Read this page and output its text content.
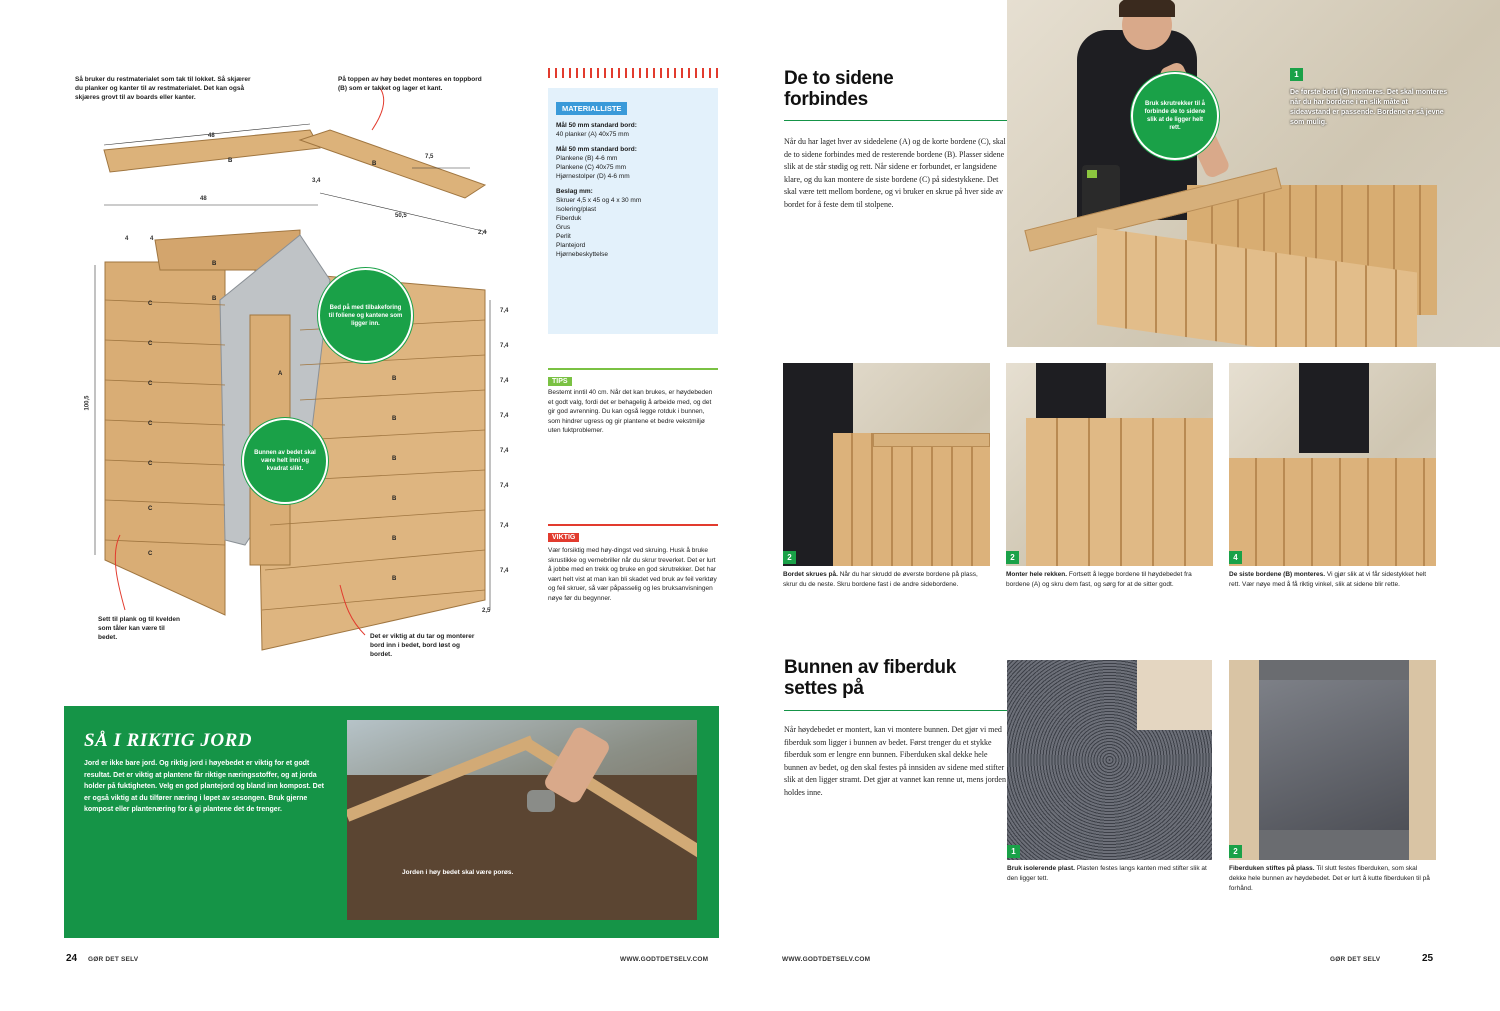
B	B
B
B
C
C
C
C
C
C
C
A
B
B
B
B
B
B
Så bruker du restmaterialet som tak til lokket. Så skjærer du planker og kanter til av restmaterialet. Det kan også skjæres grovt til av boards eller kanter.
På toppen av høy bedet monteres en toppbord (B) som er takket og lager et kant.
Sett til plank og til kvelden som tåler kan være til bedet.	Det er viktig at du tar og monterer bord inn i bedet, bord løst og bordet.
48
7,5
48
50,5
3,4
2,4
100,5
4	4
2,5
7,4
7,4
7,4
7,4
7,4
7,4
7,4
7,4
Bed på med tilbakeforing til foliene og kantene som ligger inn.
Bunnen av bedet skal være helt inni og kvadrat slikt.
MATERIALLISTE
Mål 50 mm standard bord:
40 planker (A) 40x75 mm
Mål 50 mm standard bord:
Plankene (B) 4-6 mm
Plankene (C) 40x75 mm
Hjørnestolper (D) 4-6 mm
Beslag mm:
Skruer 4,5 x 45 og 4 x 30 mm
Isolering/plast
Fiberduk
Grus
Perlit
Plantejord
Hjørnebeskyttelse
TIPS
Bestemt inntil 40 cm. Når det kan brukes, er høydebeden et godt valg, fordi det er behagelig å arbeide med, og det gir god avrenning. Du kan også legge rotduk i bunnen, som hindrer ugress og gir plantene et bedre vekstmiljø uten fuktproblemer.
VIKTIG
Vær forsiktig med høy-dingst ved skruing. Husk å bruke skrustikke og vernebriller når du skrur treverket. Det er lurt å jobbe med en trekk og bruke en god skrutrekker. Det har vært helt vist at man kan bli skadet ved bruk av feil verktøy og feil skruer, så vær påpasselig og les bruksanvisningen nøye før du begynner.
SÅ I RIKTIG JORD
Jord er ikke bare jord. Og riktig jord i høyebedet er viktig for et godt resultat. Det er viktig at plantene får riktige næringsstoffer, og at jorda holder på fuktigheten. Velg en god plantejord og bland inn kompost. Det er også viktig at du tilfører næring i løpet av sesongen. Bruk gjerne kompost eller plantenæring for å gi plantene det de trenger.
Jorden i høy bedet skal være porøs.
24 GØR DET SELV	WWW.GODTDETSELV.COM
De to sidene forbindes
Når du har laget hver av sidedelene (A) og de korte bordene (C), skal de to sidene forbindes med de resterende bordene (B). Plasser sidene slik at de står stødig og rett. Når sidene er forbundet, er langsidene klare, og du kan montere de siste bordene (C) på sidestykkene. Det skal være tett mellom bordene, og vi bruker en skrue på hver side av bordet for å feste dem til stolpene.
1
Bruk skrutrekker til å forbinde de to sidene slik at de ligger helt rett.
De første bord (C) monteres. Det skal monteres når du har bordene i en slik måte at sideavstand er passende. Bordene er så jevne som mulig.
2	2	4
Bordet skrues på. Når du har skrudd de øverste bordene på plass, skrur du de neste. Skru bordene fast i de andre sidebordene.
Monter hele rekken. Fortsett å legge bordene til høydebedet fra bordene (A) og skru dem fast, og sørg for at de sitter godt.
De siste bordene (B) monteres. Vi gjør slik at vi får sidestykket helt rett. Vær nøye med å få riktig vinkel, slik at sidene blir rette.
Bunnen av fiberduk settes på
Når høydebedet er montert, kan vi montere bunnen. Det gjør vi med fiberduk som ligger i bunnen av bedet. Først trenger du et stykke fiberduk som er lengre enn bunnen. Fiberduken skal dekke hele bunnen av bedet, og den skal festes på innsiden av sidene med stifter slik at den ligger stramt. Det gjør at vannet kan renne ut, mens jorden holdes inne.
1	2
Bruk isolerende plast. Plasten festes langs kanten med stifter slik at den ligger tett.
Fiberduken stiftes på plass. Til slutt festes fiberduken, som skal dekke hele bunnen av høydebedet. Det er lurt å kutte fiberduken til på forhånd.
WWW.GODTDETSELV.COM	GØR DET SELV	25
